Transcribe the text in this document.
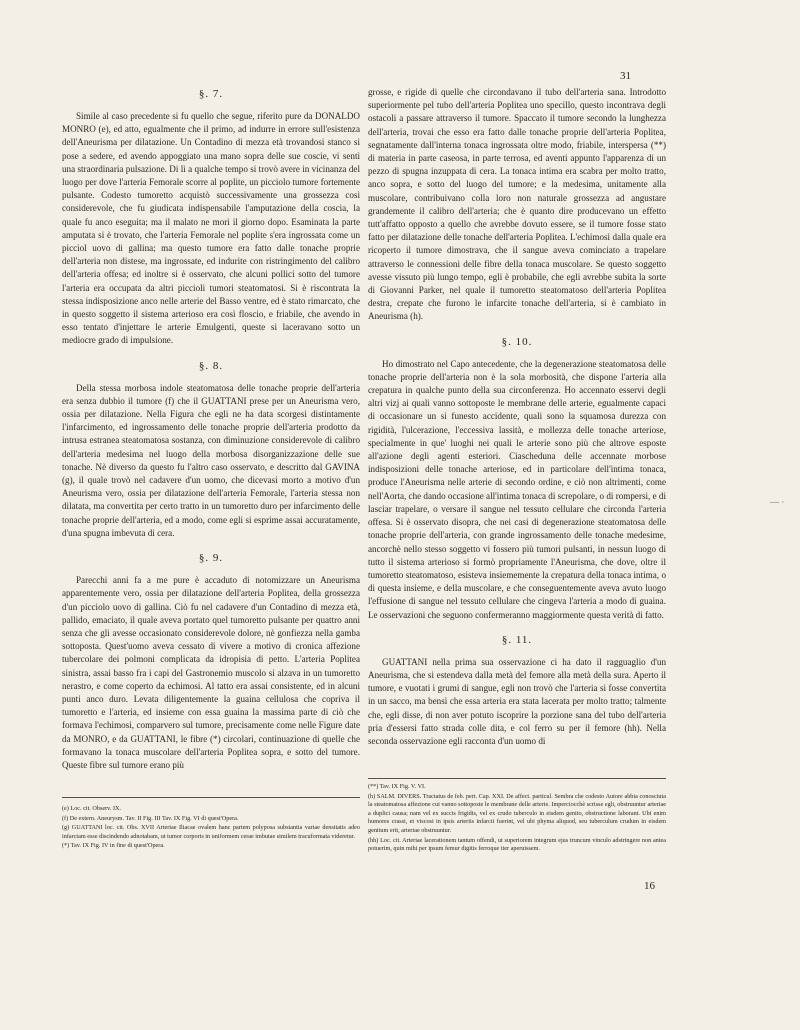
31
§. 7.

Simile al caso precedente si fu quello che segue, riferito pure da DONALDO MONRO (e), ed atto, egualmente che il primo, ad indurre in errore sull'esistenza dell'Aneurisma per dilatazione. Un Contadino di mezza età trovandosi stanco si pose a sedere, ed avendo appoggiato una mano sopra delle sue coscie, vi sentì una straordinaria pulsazione. Di lì a qualche tempo si trovò avere in vicinanza del luogo per dove l'arteria Femorale scorre al poplite, un picciolo tumore fortemente pulsante. Codesto tumoretto acquistò successivamente una grossezza così considerevole, che fu giudicata indispensabile l'amputazione della coscia, la quale fu anco eseguita; ma il malato ne morì il giorno dopo. Esaminata la parte amputata si è trovato, che l'arteria Femorale nel poplite s'era ingrossata come un picciol uovo di gallina; ma questo tumore era fatto dalle tonache proprie dell'arteria non distese, ma ingrossate, ed indurite con ristringimento del calibro dell'arteria offesa; ed inoltre si è osservato, che alcuni pollici sotto del tumore l'arteria era occupata da altri piccioli tumori steatomatosi. Si è riscontrata la stessa indisposizione anco nelle arterie del Basso ventre, ed è stato rimarcato, che in questo soggetto il sistema arterioso era così floscio, e friabile, che avendo in esso tentato d'injettare le arterie Emulgenti, queste si laceravano sotto un mediocre grado di impulsione.

§. 8.

Della stessa morbosa indole steatomatosa delle tonache proprie dell'arteria era senza dubbio il tumore (f) che il GUATTANI prese per un Aneurisma vero, ossia per dilatazione. Nella Figura che egli ne ha data scorgesi distintamente l'infarcimento, ed ingrossamento delle tonache proprie dell'arteria prodotto da intrusa estranea steatomatosa sostanza, con diminuzione considerevole di calibro dell'arteria medesima nel luogo della morbosa disorganizzazione delle sue tonache. Nè diverso da questo fu l'altro caso osservato, e descritto dal GAVINA (g), il quale trovò nel cadavere d'un uomo, che dicevasi morto a motivo d'un Aneurisma vero, ossia per dilatazione dell'arteria Femorale, l'arteria stessa non dilatata, ma convertita per certo tratto in un tumoretto duro per infarcimento delle tonache proprie dell'arteria, ed a modo, come egli si esprime assai accuratamente, d'una spugna imbevuta di cera.

§. 9.

Parecchi anni fa a me pure è accaduto di notomizzare un Aneurisma apparentemente vero, ossia per dilatazione dell'arteria Poplitea, della grossezza d'un picciolo uovo di gallina. Ciò fu nel cadavere d'un Contadino di mezza età, pallido, emaciato, il quale aveva portato quel tumoretto pulsante per quattro anni senza che gli avesse occasionato considerevole dolore, nè gonfiezza nella gamba sottoposta. Quest'uomo aveva cessato di vivere a motivo di cronica affezione tubercolare dei polmoni complicata da idropisia di petto. L'arteria Poplitea sinistra, assai basso fra i capi del Gastronemio muscolo si alzava in un tumoretto nerastro, e come coperto da echimosi. Al tatto era assai consistente, ed in alcuni punti anco duro. Levata diligentemente la guaina cellulosa che copriva il tumoretto e l'arteria, ed insieme con essa guaina la massima parte di ciò che formava l'echimosi, comparvero sul tumore, precisamente come nelle Figure date da MONRO, e da GUATTANI, le fibre (*) circolari, continuazione di quelle che formavano la tonaca muscolare dell'arteria Poplitea sopra, e sotto del tumore. Queste fibre sul tumore erano più

grosse, e rigide di quelle che circondavano il tubo dell'arteria sana. Introdotto superiormente pel tubo dell'arteria Poplitea uno specillo, questo incontrava degli ostacoli a passare attraverso il tumore. Spaccato il tumore secondo la lunghezza dell'arteria, trovai che esso era fatto dalle tonache proprie dell'arteria Poplitea, segnatamente dall'interna tonaca ingrossata oltre modo, friabile, interspersa (**) di materia in parte caseosa, in parte terrosa, ed aventi appunto l'apparenza di un pezzo di spugna inzuppata di cera. La tonaca intima era scabra per molto tratto, anco sopra, e sotto del luogo del tumore; e la medesima, unitamente alla muscolare, contribuivano colla loro non naturale grossezza ad angustare grandemente il calibro dell'arteria; che è quanto dire producevano un effetto tutt'affatto opposto a quello che avrebbe dovuto essere, se il tumore fosse stato fatto per dilatazione delle tonache dell'arteria Poplitea. L'echimosi dalla quale era ricoperto il tumore dimostrava, che il sangue aveva cominciato a trapelare attraverso le connessioni delle fibre della tonaca muscolare. Se questo soggetto avesse vissuto più lungo tempo, egli è probabile, che egli avrebbe subita la sorte di Giovanni Parker, nel quale il tumoretto steatomatoso dell'arteria Poplitea destra, crepate che furono le infarcite tonache dell'arteria, si è cambiato in Aneurisma (h).

§. 10.

Ho dimostrato nel Capo antecedente, che la degenerazione steatomatosa delle tonache proprie dell'arteria non è la sola morbosità, che dispone l'arteria alla crepatura in qualche punto della sua circonferenza. Ho accennato esservi degli altri vizj ai quali vanno sottoposte le membrane delle arterie, egualmente capaci di occasionare un sì funesto accidente, quali sono la squamosa durezza con rigidità, l'ulcerazione, l'eccessiva lassità, e mollezza delle tonache arteriose, specialmente in que' luoghi nei quali le arterie sono più che altrove esposte all'azione degli agenti esteriori. Ciascheduna delle accennate morbose indisposizioni delle tonache arteriose, ed in particolare dell'intima tonaca, produce l'Aneurisma nelle arterie di secondo ordine, e ciò non altrimenti, come nell'Aorta, che dando occasione all'intima tonaca di screpolare, o di rompersi, e di lasciar trapelare, o versare il sangue nel tessuto cellulare che circonda l'arteria offesa. Si è osservato disopra, che nei casi di degenerazione steatomatosa delle tonache proprie dell'arteria, con grande ingrossamento delle tonache medesime, ancorchè nello stesso soggetto vi fossero più tumori pulsanti, in nessun luogo di tutto il sistema arterioso si formò propriamente l'Aneurisma, che dove, oltre il tumoretto steatomatoso, esisteva insiememente la crepatura della tonaca intima, o di questa insieme, e della muscolare, e che conseguentemente aveva avuto luogo l'effusione di sangue nel tessuto cellulare che cingeva l'arteria a modo di guaina. Le osservazioni che seguono confermeranno maggiormente questa verità di fatto.

§. 11.

GUATTANI nella prima sua osservazione ci ha dato il ragguaglio d'un Aneurisma, che si estendeva dalla metà del femore alla metà della sura. Aperto il tumore, e vuotati i grumi di sangue, egli non trovò che l'arteria si fosse convertita in un sacco, ma bensì che essa arteria era stata lacerata per molto tratto; talmente che, egli disse, di non aver potuto iscoprire la porzione sana del tubo dell'arteria pria d'essersi fatto strada colle dita, e col ferro su per il femore (hh). Nella seconda osservazione egli racconta d'un uomo di

(e) Loc. cit. Observ. IX.

(f) De extern. Aneurysm. Tav. II Fig. III Tav. IX Fig. VI di quest'Opera.

(g) GUATTANI loc. cit. Obs. XVII Arteriae Iliacae ovalem hanc partem polyposa substantia variae densitatis adeo infarctam esse discindendo adnotabam, ut tumor corporis in uniformem cerae imbutae similem tracuformata videretur.

(*) Tav. IX Fig. IV in fine di quest'Opera.

(**) Tav. IX Fig. V. VI.

(h) SALM. DIVERS. Tractatus de feb. pert. Cap. XXI. De affect. particul. Sembra che codesto Autore abbia conosciuta la steatomatosa affezione cui vanno sottoposte le membrane delle arterie. Imperciocchè scrisse egli, obstruuntur arteriae a duplici causa; nam vel ex succis frigidis, vel ex crudo tuberculo in eisdem genito, obstructione laborant. Ubi enim humores crassi, et viscosi in ipsis arteriis infarcti fuerint, vel ubi phyma aliquod, seu tuberculum crudum in eisdem genitum erit, arteriae obstruuntur.

(hh) Loc. cit. Arteriae lacerationem tantum offendi, ut superiorem integrum ejus truncum vinculo adstringere non antea potuerim, quin mihi per ipsum femur digitis ferroque iter aperuissem.

16
— ·
